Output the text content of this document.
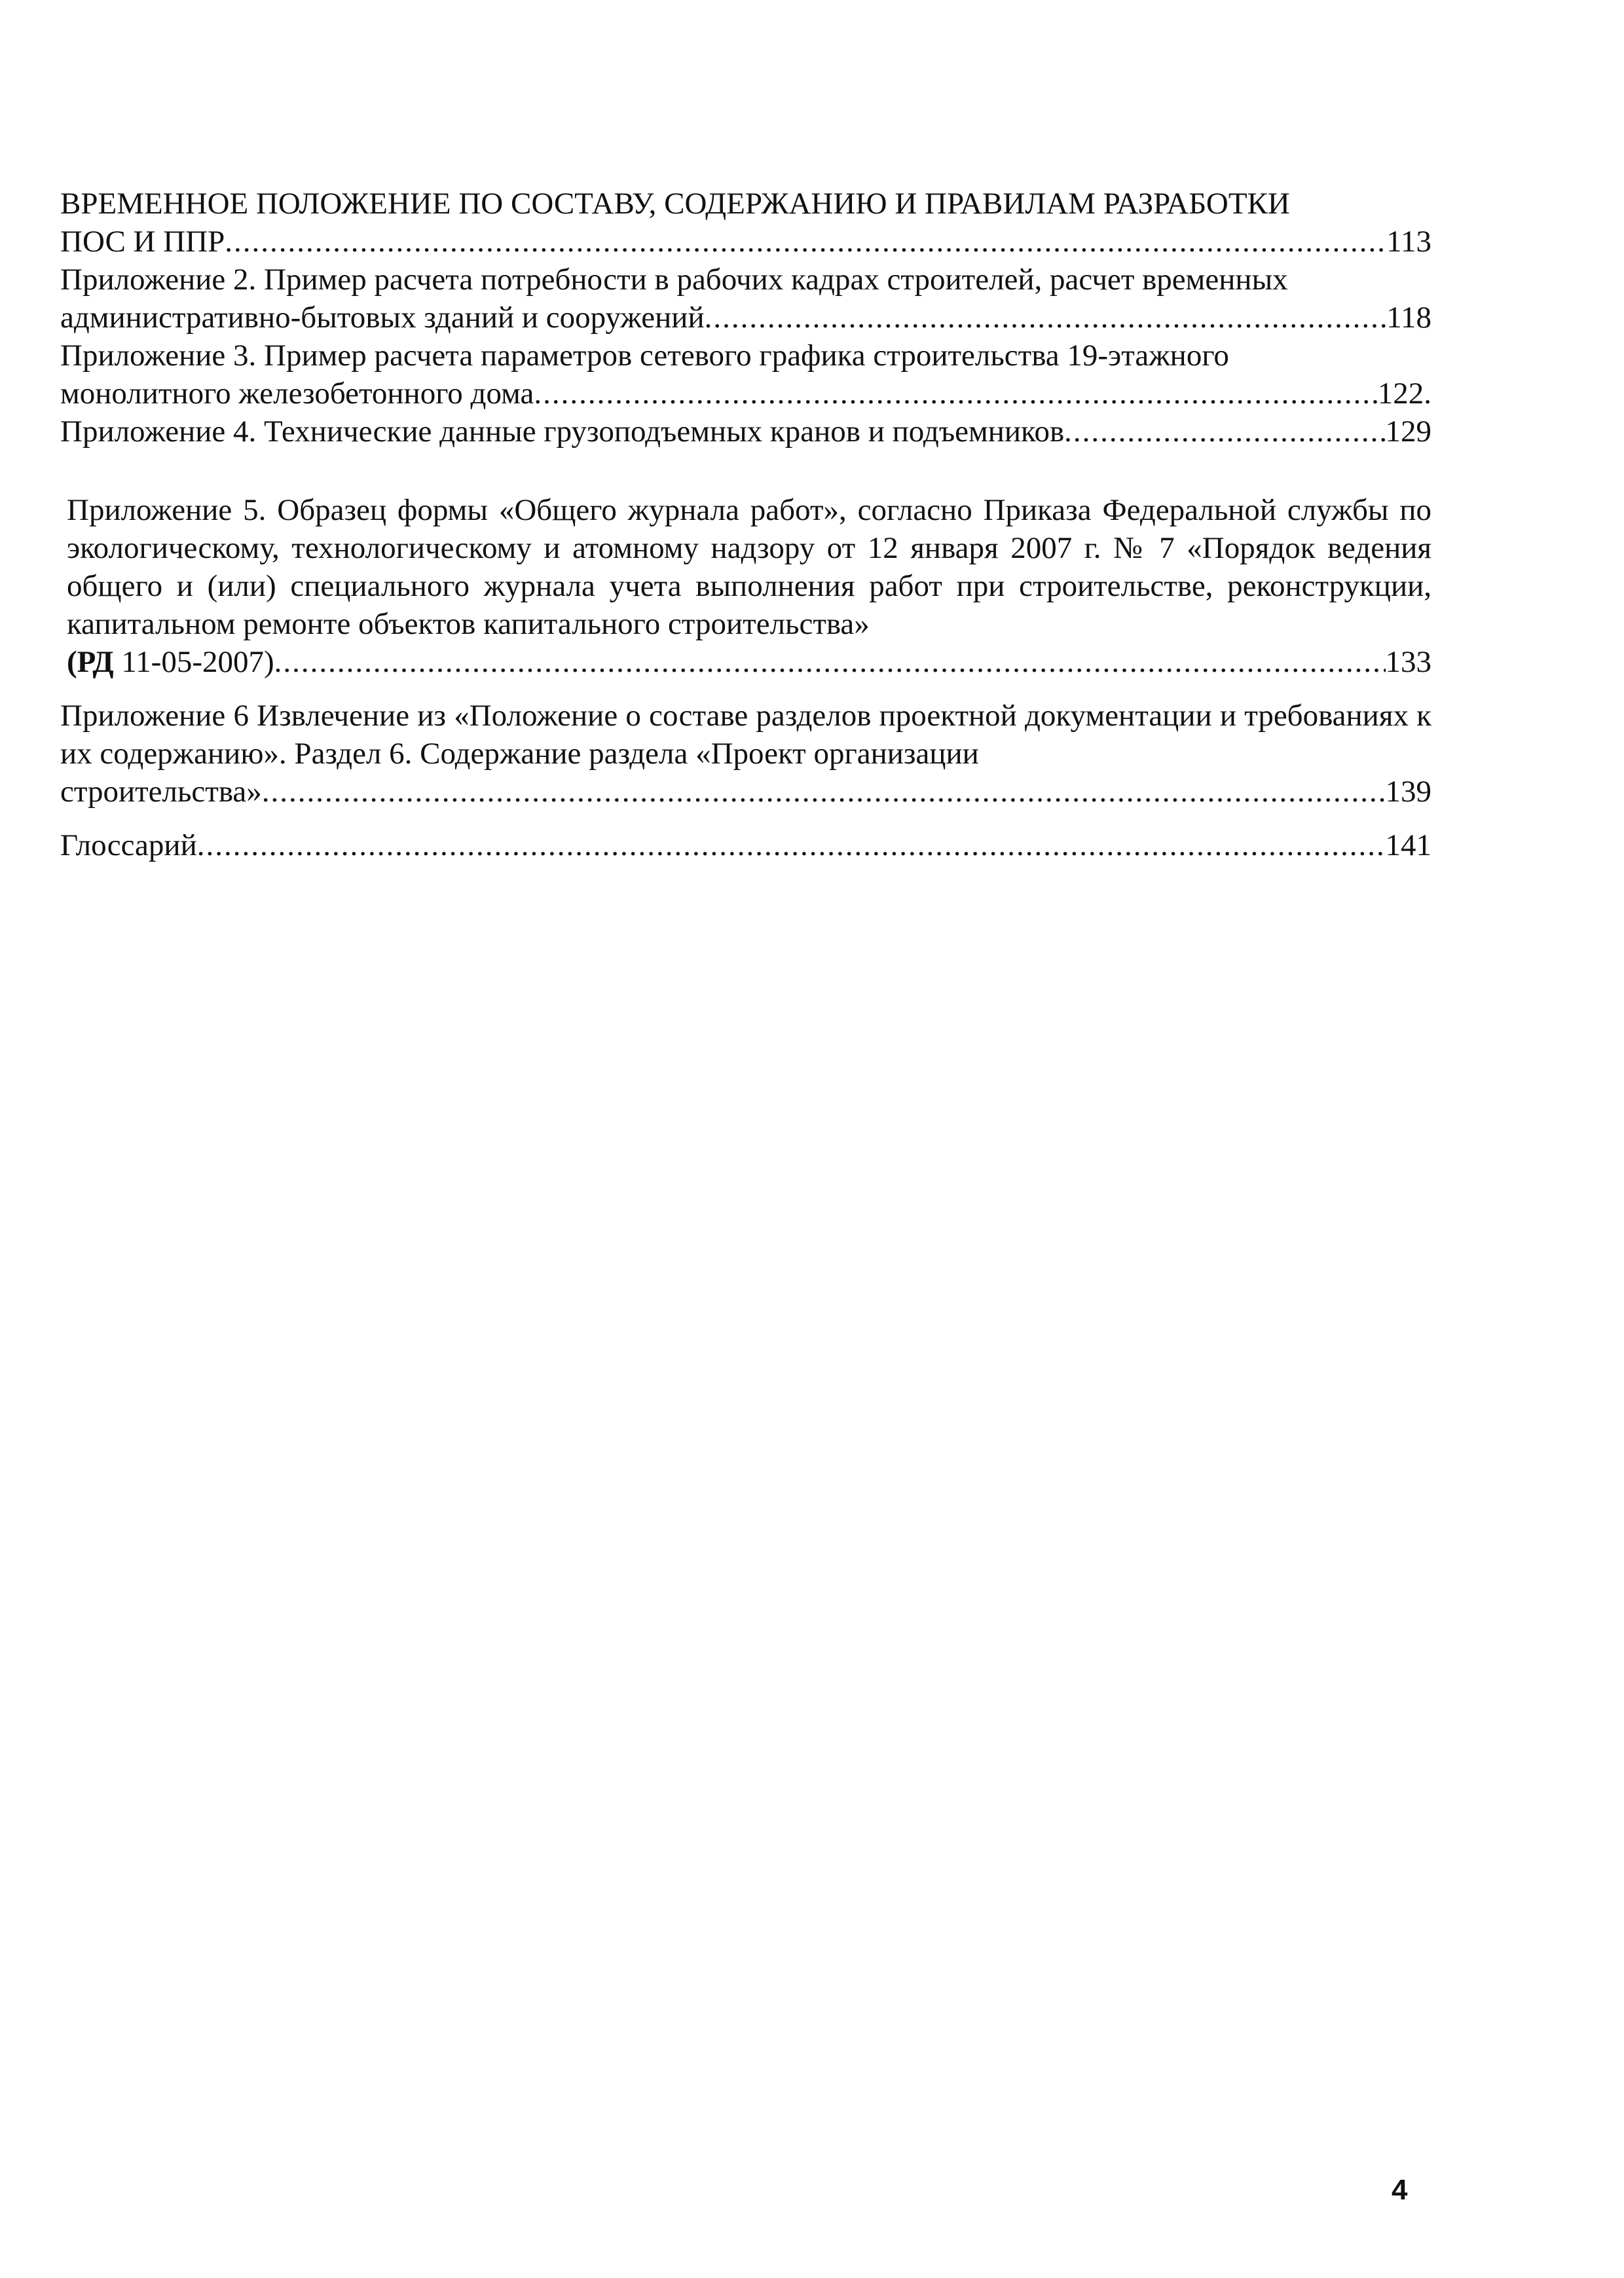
ВРЕМЕННОЕ ПОЛОЖЕНИЕ ПО СОСТАВУ, СОДЕРЖАНИЮ И ПРАВИЛАМ РАЗРАБОТКИ
ПОС И ППР .....	113
Приложение 2. Пример расчета потребности в рабочих кадрах строителей, расчет временных
административно-бытовых зданий и сооружений .....	118
Приложение 3. Пример расчета параметров сетевого графика строительства 19-этажного
монолитного железобетонного дома .....	122.
Приложение 4. Технические данные грузоподъемных кранов и подъемников .....	129
Приложение 5. Образец формы «Общего журнала работ», согласно Приказа Федеральной службы по экологическому, технологическому и атомному надзору от 12 января 2007 г. № 7 «Порядок ведения общего и (или) специального журнала учета выполнения работ при строительстве, реконструкции, капитальном ремонте объектов капитального строительства»
(РД 11-05-2007) .....	133
Приложение 6 Извлечение из «Положение о составе разделов проектной документации и требованиях к их содержанию». Раздел 6. Содержание раздела «Проект организации
строительства» .....	139
Глоссарий .....	141
4
